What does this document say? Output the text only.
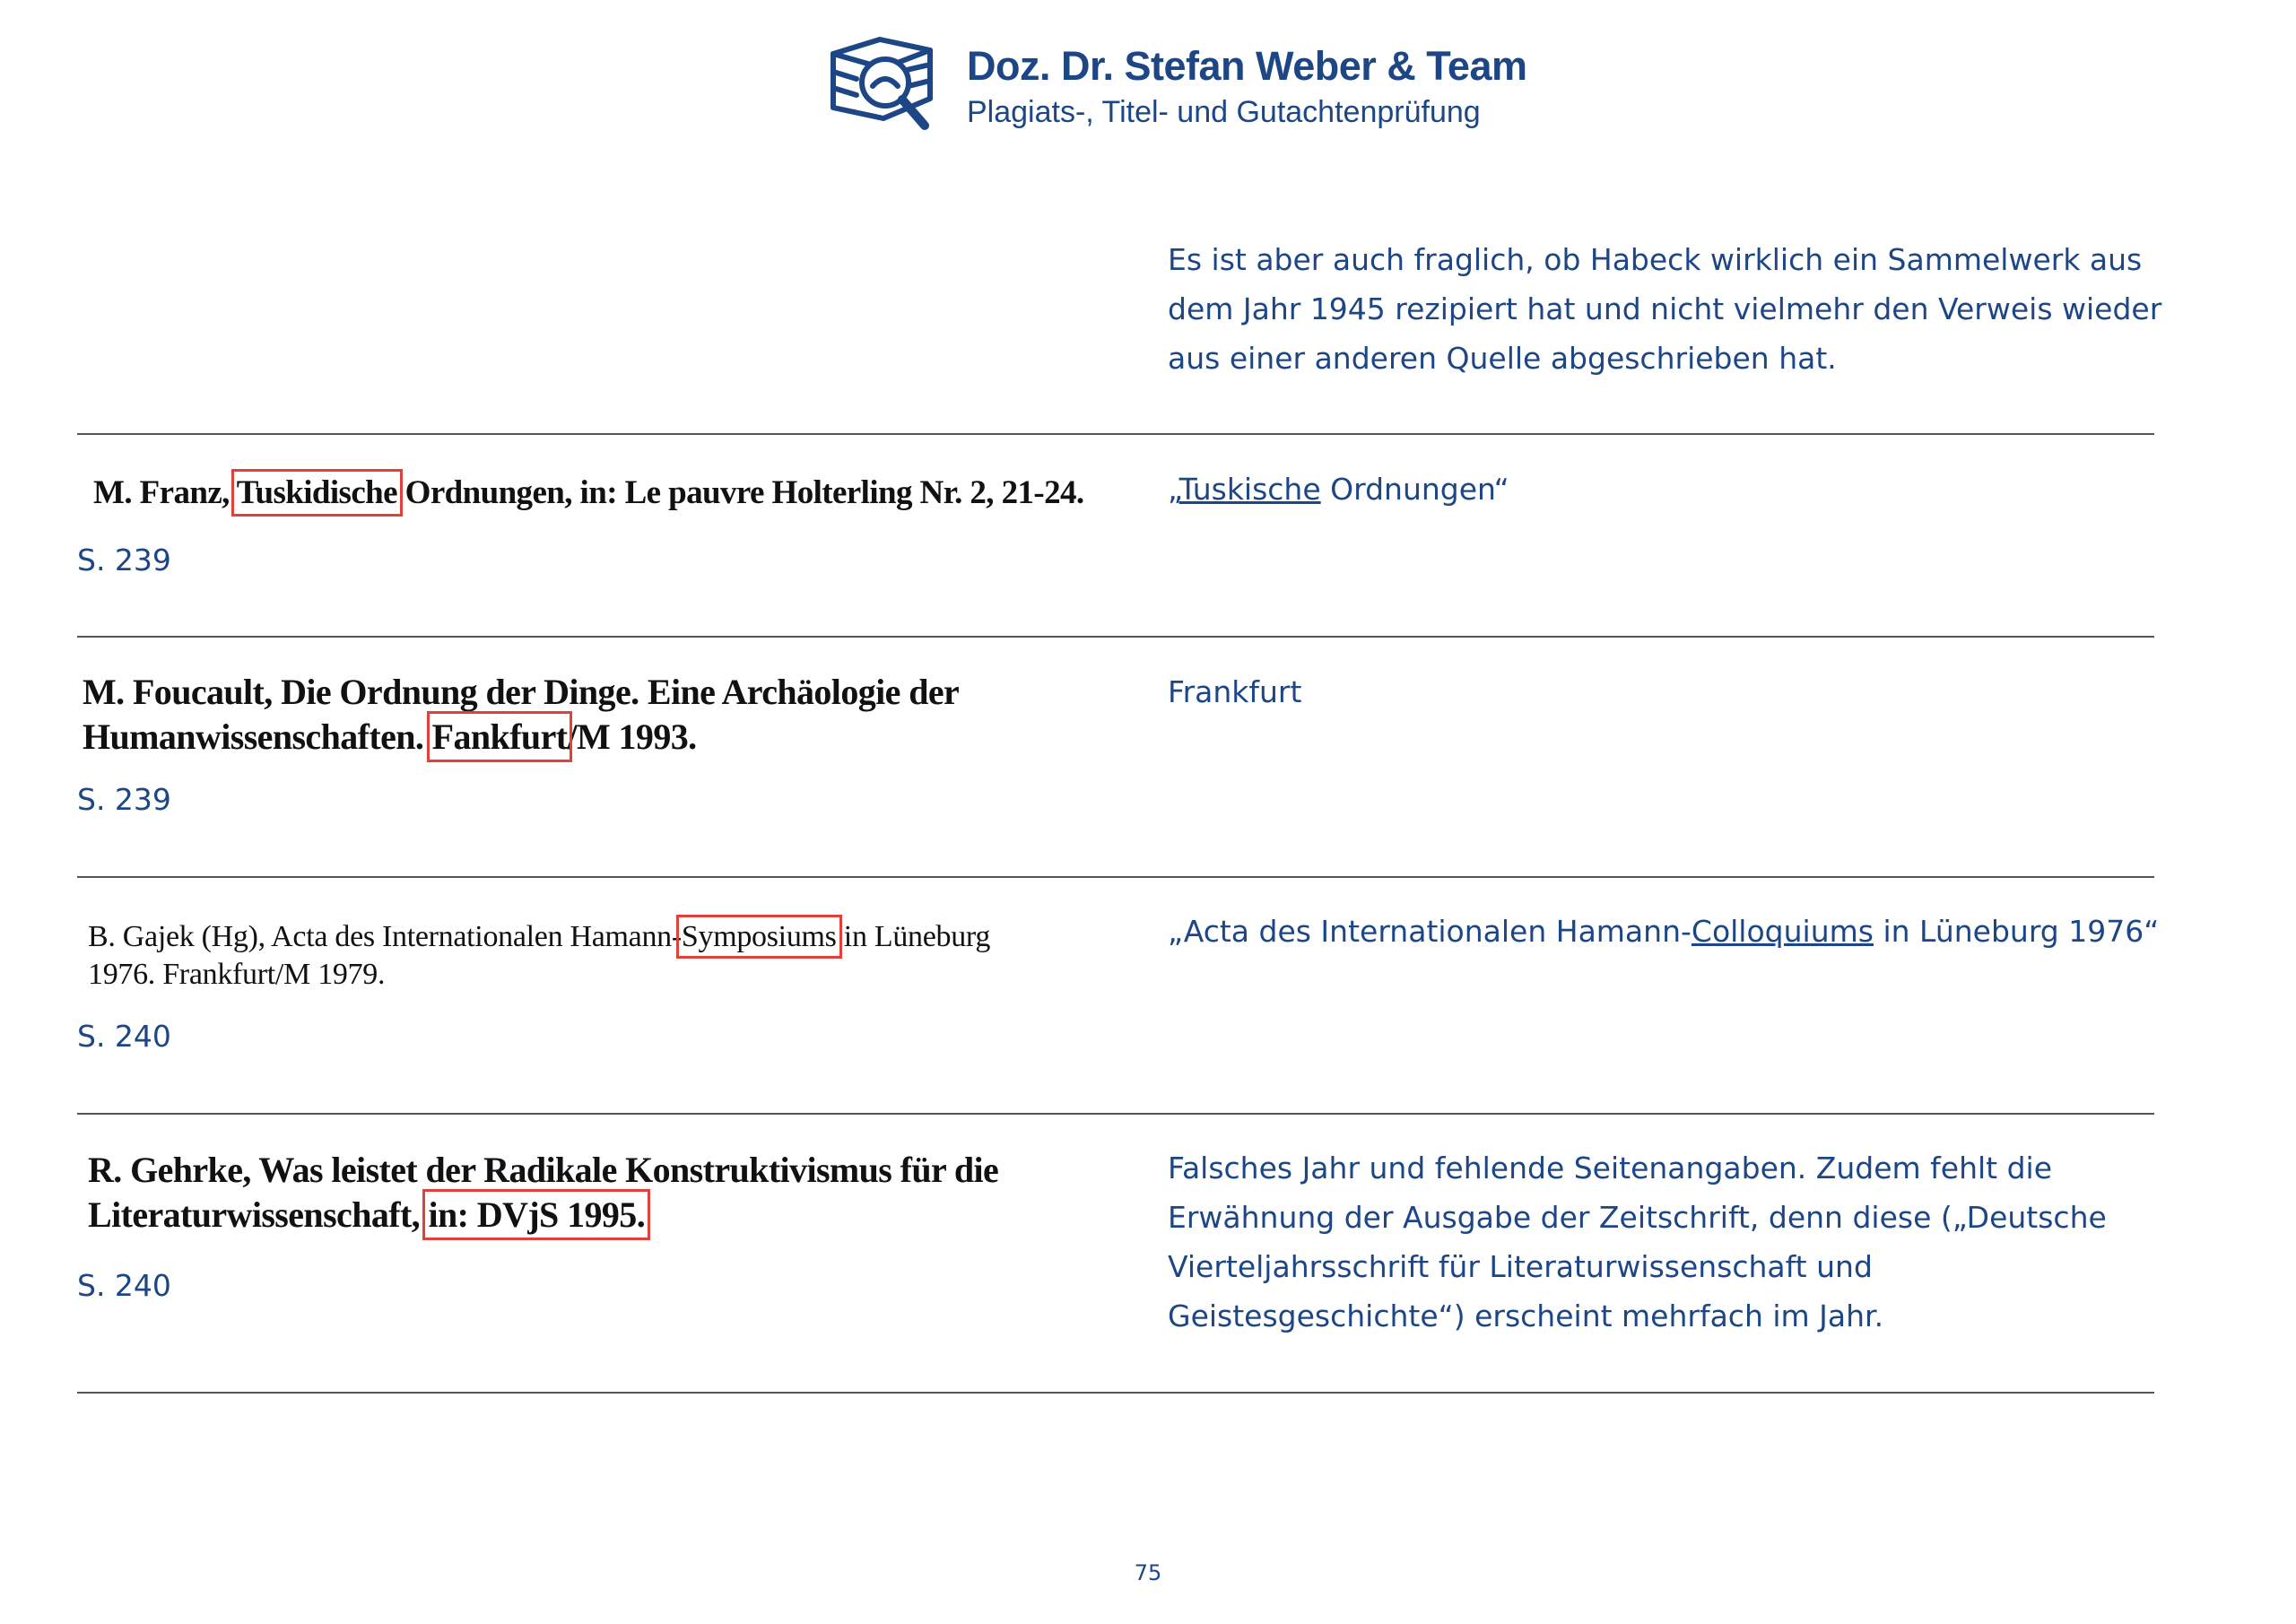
Doz. Dr. Stefan Weber & Team
Plagiats-, Titel- und Gutachtenprüfung
Es ist aber auch fraglich, ob Habeck wirklich ein Sammelwerk aus dem Jahr 1945 rezipiert hat und nicht vielmehr den Verweis wieder aus einer anderen Quelle abgeschrieben hat.
M. Franz, Tuskidische Ordnungen, in: Le pauvre Holterling Nr. 2, 21-24.
S. 239
„Tuskische Ordnungen“
M. Foucault, Die Ordnung der Dinge. Eine Archäologie der
Humanwissenschaften. Fankfurt/M 1993.
S. 239
Frankfurt
B. Gajek (Hg), Acta des Internationalen Hamann-Symposiums in Lüneburg
1976. Frankfurt/M 1979.
S. 240
„Acta des Internationalen Hamann-Colloquiums in Lüneburg 1976“
R. Gehrke, Was leistet der Radikale Konstruktivismus für die
Literaturwissenschaft, in: DVjS 1995.
S. 240
Falsches Jahr und fehlende Seitenangaben. Zudem fehlt die Erwähnung der Ausgabe der Zeitschrift, denn diese („Deutsche Vierteljahrsschrift für Literaturwissenschaft und Geistesgeschichte“) erscheint mehrfach im Jahr.
75
